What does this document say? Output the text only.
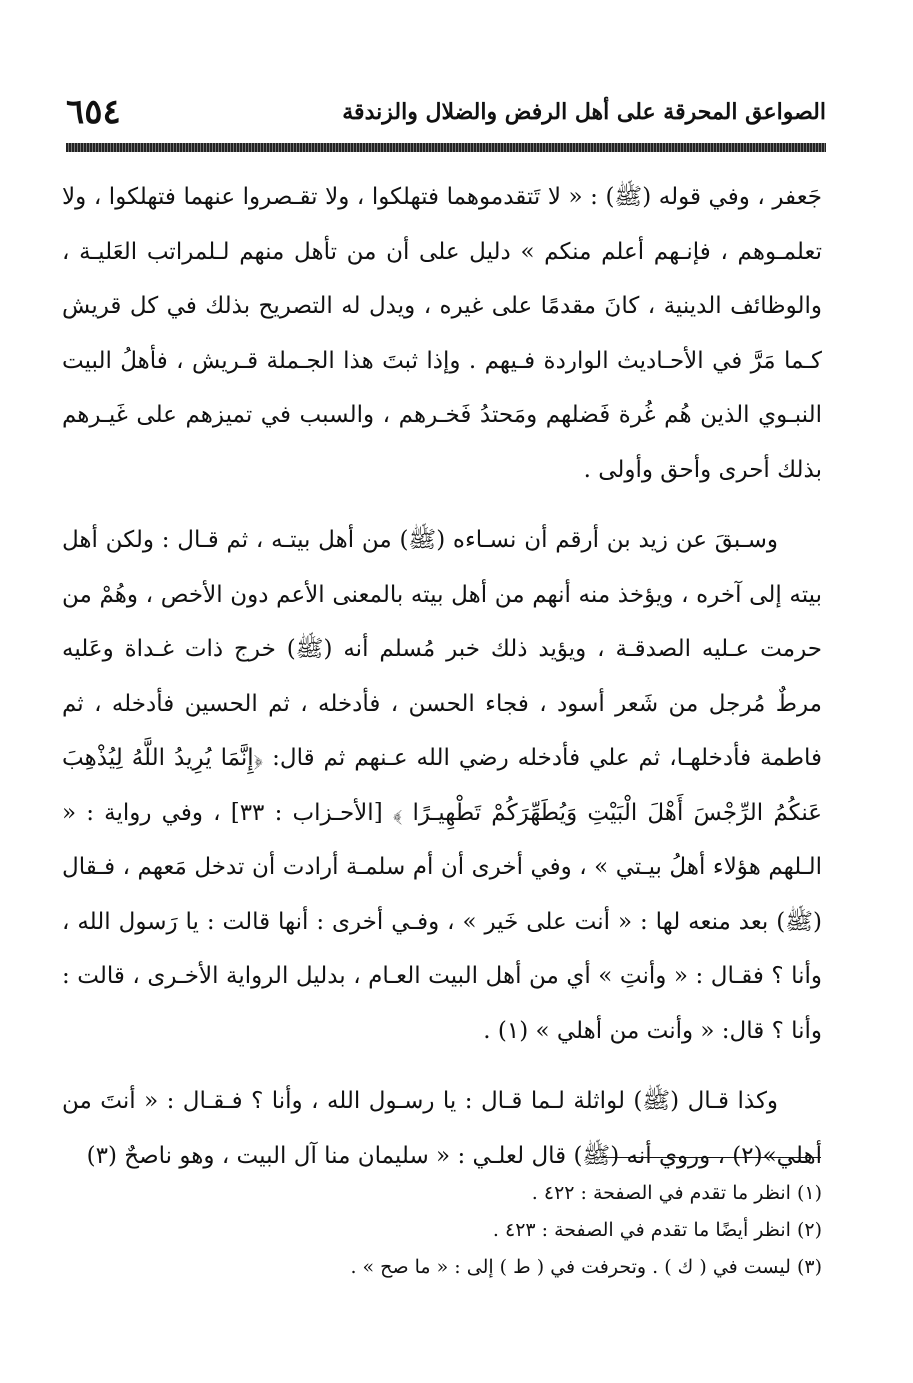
٦٥٤	الصواعق المحرقة على أهل الرفض والضلال والزندقة

جَعفر ، وفي قوله (ﷺ) : « لا تَتقدموهما فتهلكوا ، ولا تقـصروا عنهما فتهلكوا ، ولا تعلمـوهم ، فإنـهم أعلم منكم » دليل على أن من تأهل منهم لـلمراتب العَليـة ، والوظائف الدينية ، كانَ مقدمًا على غيره ، ويدل له التصريح بذلك في كل قريش كـما مَرَّ في الأحـاديث الواردة فـيهم . وإذا ثبتَ هذا الجـملة قـريش ، فأهلُ البيت النبـوي الذين هُم غُرة فَضلهم ومَحتدُ فَخـرهم ، والسبب في تميزهم على غَيـرهم بذلك أحرى وأحق وأولى .

وسـبقَ عن زيد بن أرقم أن نسـاءه (ﷺ) من أهل بيتـه ، ثم قـال : ولكن أهل بيته إلى آخره ، ويؤخذ منه أنهم من أهل بيته بالمعنى الأعم دون الأخص ، وهُمْ من حرمت عـليه الصدقـة ، ويؤيد ذلك خبر مُسلم أنه (ﷺ) خرج ذات غـداة وعَليه مرطٌ مُرجل من شَعر أسود ، فجاء الحسن ، فأدخله ، ثم الحسين فأدخله ، ثم فاطمة فأدخلهـا، ثم علي فأدخله رضي الله عـنهم ثم قال: ﴿إِنَّمَا يُرِيدُ اللَّهُ لِيُذْهِبَ عَنكُمُ الرِّجْسَ أَهْلَ الْبَيْتِ وَيُطَهِّرَكُمْ تَطْهِيـرًا ﴾ [الأحـزاب : ٣٣] ، وفي رواية : « الـلهم هؤلاء أهلُ بيـتي » ، وفي أخرى أن أم سلمـة أرادت أن تدخل مَعهم ، فـقال (ﷺ) بعد منعه لها : « أنت على خَير » ، وفـي أخرى : أنها قالت : يا رَسول الله ، وأنا ؟ فقـال : « وأنتِ » أي من أهل البيت العـام ، بدليل الرواية الأخـرى ، قالت : وأنا ؟ قال: « وأنت من أهلي » (١) .

وكذا قـال (ﷺ) لواثلة لـما قـال : يا رسـول الله ، وأنا ؟ فـقـال : « أنتَ من أهلي»(٢) ، وروي أنه (ﷺ) قال لعلـي : « سليمان منا آل البيت ، وهو ناصحٌ (٣)

(١) انظر ما تقدم في الصفحة : ٤٢٢ .

(٢) انظر أيضًا ما تقدم في الصفحة : ٤٢٣ .

(٣) ليست في ( ك ) . وتحرفت في ( ط ) إلى : « ما صح » .
